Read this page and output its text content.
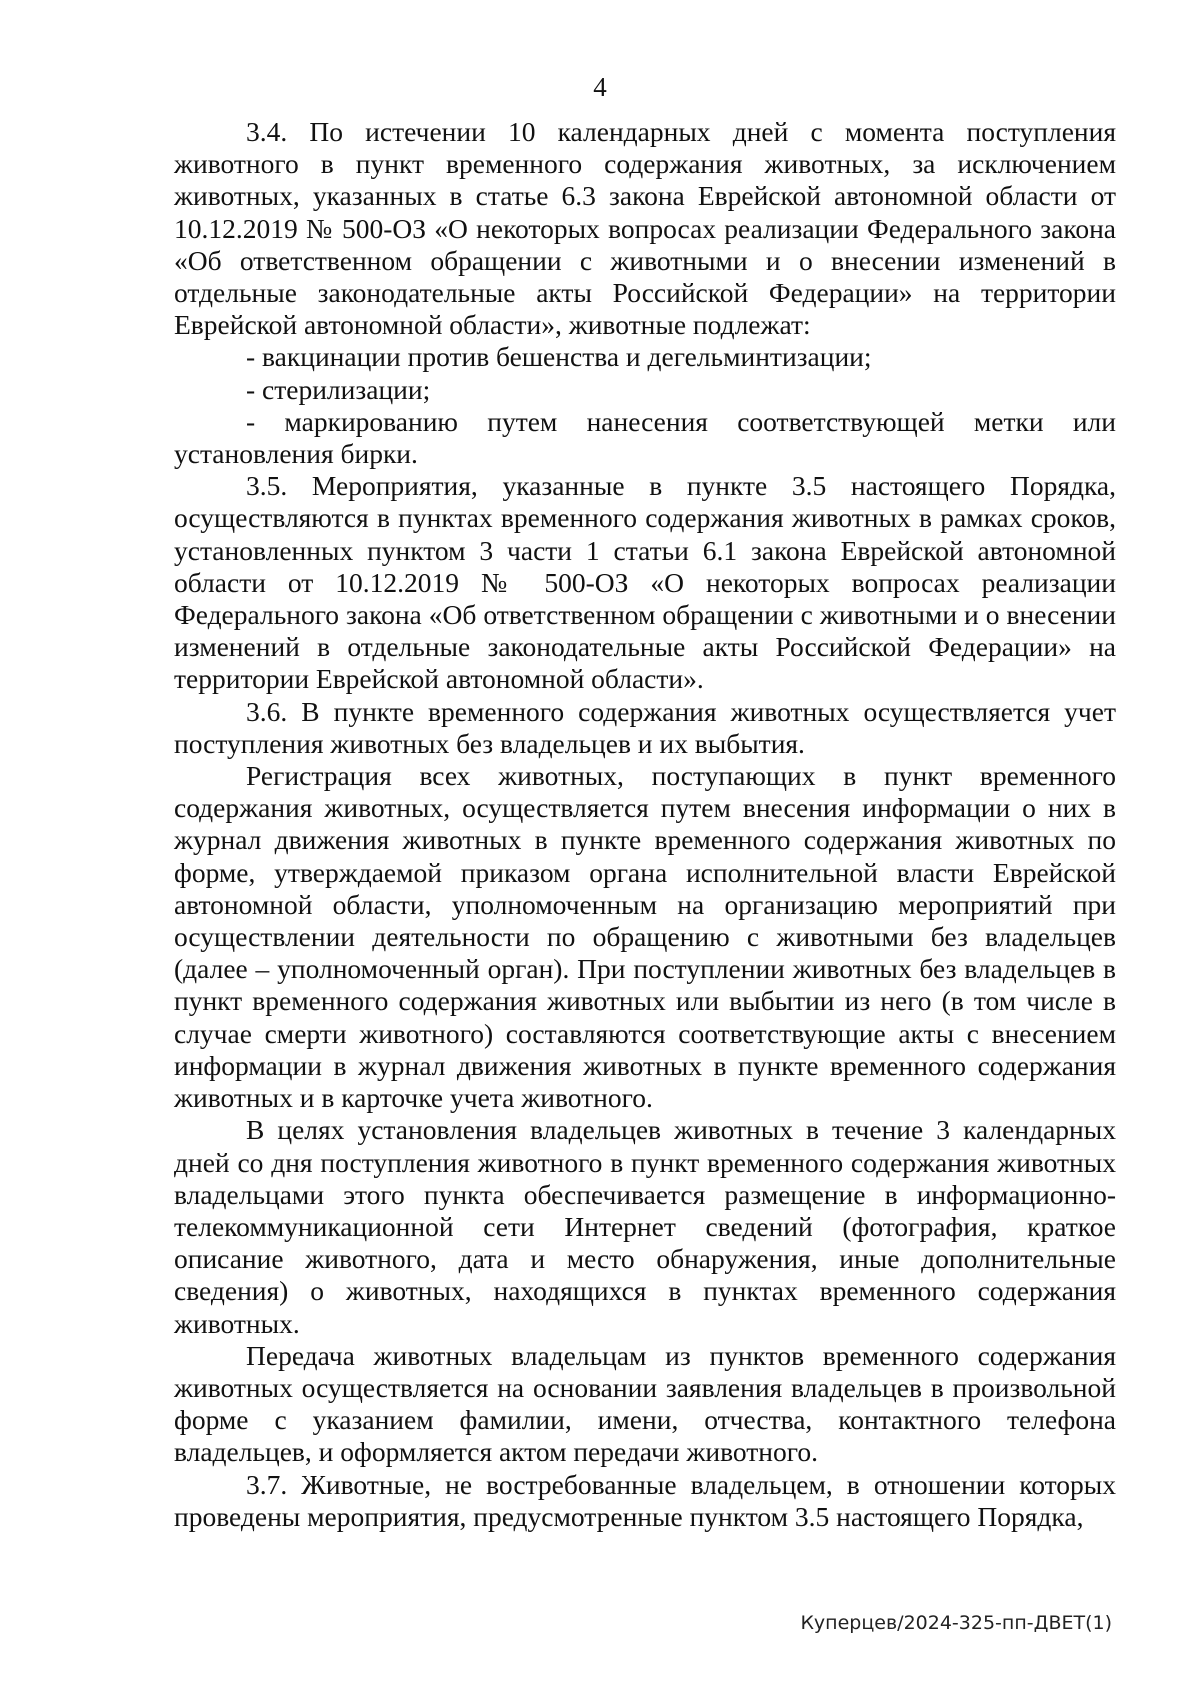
4

3.4. По истечении 10 календарных дней с момента поступления животного в пункт временного содержания животных, за исключением животных, указанных в статье 6.3 закона Еврейской автономной области от 10.12.2019 № 500-ОЗ «О некоторых вопросах реализации Федерального закона «Об ответственном обращении с животными и о внесении изменений в отдельные законодательные акты Российской Федерации» на территории Еврейской автономной области», животные подлежат:

- вакцинации против бешенства и дегельминтизации;

- стерилизации;

- маркированию путем нанесения соответствующей метки или установления бирки.

3.5. Мероприятия, указанные в пункте 3.5 настоящего Порядка, осуществляются в пунктах временного содержания животных в рамках сроков, установленных пунктом 3 части 1 статьи 6.1 закона Еврейской автономной области от 10.12.2019 № 500-ОЗ «О некоторых вопросах реализации Федерального закона «Об ответственном обращении с животными и о внесении изменений в отдельные законодательные акты Российской Федерации» на территории Еврейской автономной области».

3.6. В пункте временного содержания животных осуществляется учет поступления животных без владельцев и их выбытия.

Регистрация всех животных, поступающих в пункт временного содержания животных, осуществляется путем внесения информации о них в журнал движения животных в пункте временного содержания животных по форме, утверждаемой приказом органа исполнительной власти Еврейской автономной области, уполномоченным на организацию мероприятий при осуществлении деятельности по обращению с животными без владельцев (далее – уполномоченный орган). При поступлении животных без владельцев в пункт временного содержания животных или выбытии из него (в том числе в случае смерти животного) составляются соответствующие акты с внесением информации в журнал движения животных в пункте временного содержания животных и в карточке учета животного.

В целях установления владельцев животных в течение 3 календарных дней со дня поступления животного в пункт временного содержания животных владельцами этого пункта обеспечивается размещение в информационно-телекоммуникационной сети Интернет сведений (фотография, краткое описание животного, дата и место обнаружения, иные дополнительные сведения) о животных, находящихся в пунктах временного содержания животных.

Передача животных владельцам из пунктов временного содержания животных осуществляется на основании заявления владельцев в произвольной форме с указанием фамилии, имени, отчества, контактного телефона владельцев, и оформляется актом передачи животного.

3.7. Животные, не востребованные владельцем, в отношении которых проведены мероприятия, предусмотренные пунктом 3.5 настоящего Порядка,

Куперцев/2024-325-пп-ДВЕТ(1)
